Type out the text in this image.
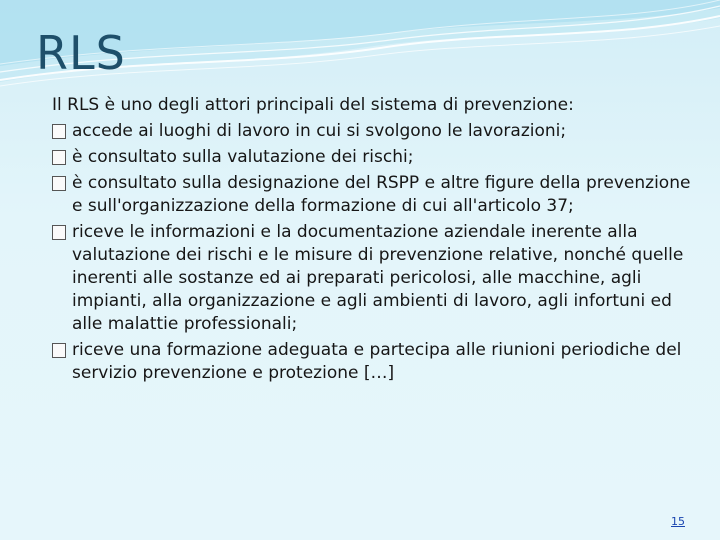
RLS

Il RLS è uno degli attori principali del sistema di prevenzione:

accede ai luoghi di lavoro in cui si svolgono le lavorazioni;
è consultato sulla valutazione dei rischi;
è consultato sulla designazione del RSPP e altre figure della prevenzione e sull'organizzazione della formazione di cui all'articolo 37;
riceve le informazioni e la documentazione aziendale inerente alla valutazione dei rischi e le misure di prevenzione relative, nonché quelle inerenti alle sostanze ed ai preparati pericolosi, alle macchine, agli impianti, alla organizzazione e agli ambienti di lavoro, agli infortuni ed alle malattie professionali;
riceve una formazione adeguata e partecipa alle riunioni periodiche del servizio prevenzione e protezione […]
15
